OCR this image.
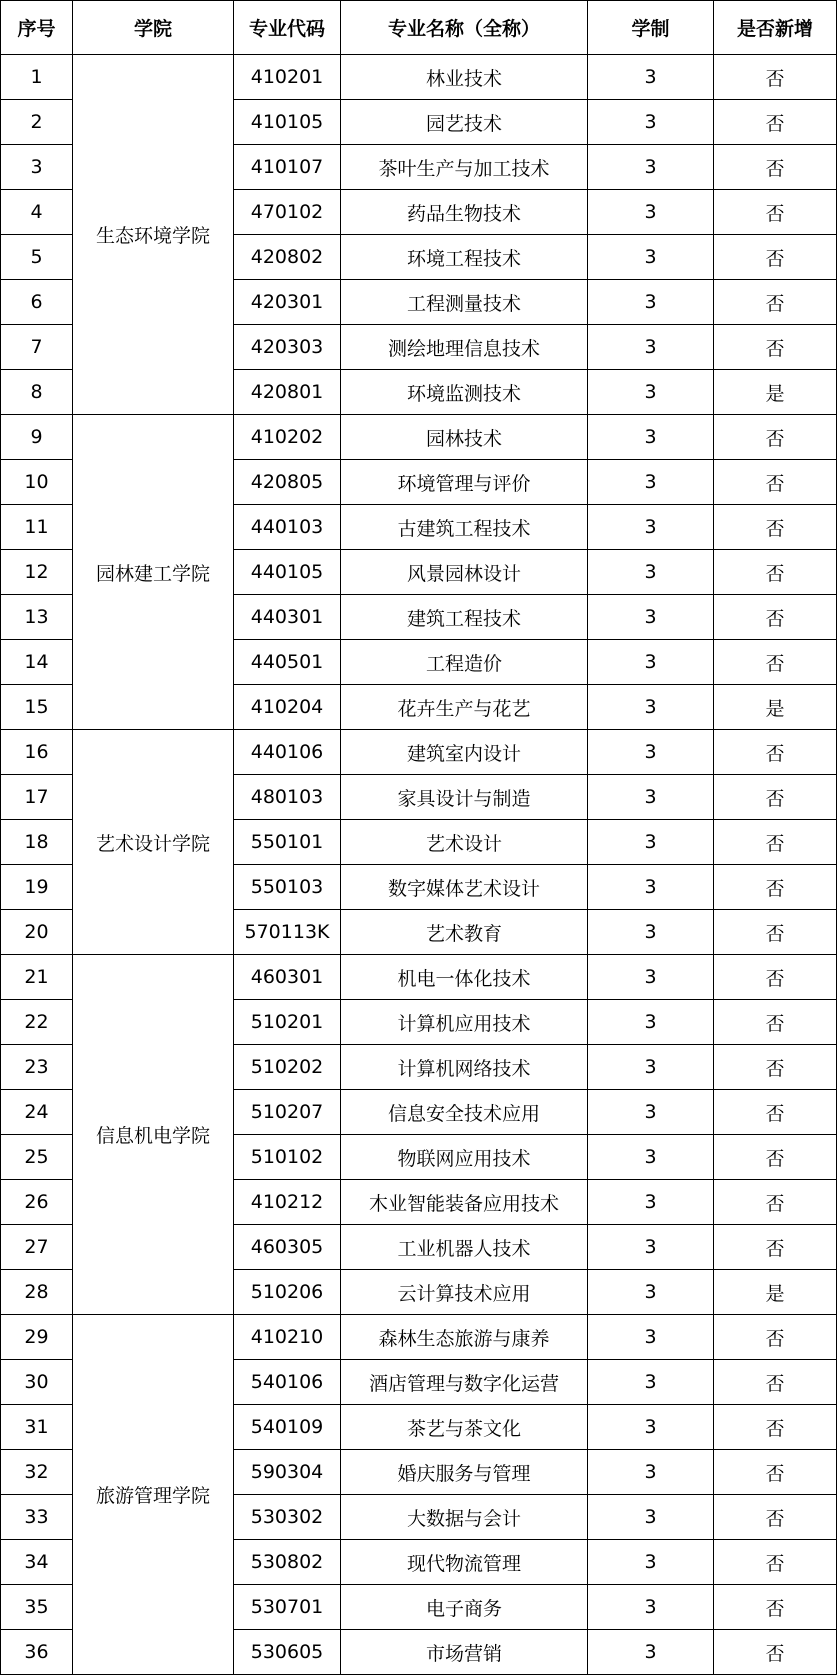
序号	学院	专业代码	专业名称（全称）	学制	是否新增
1	生态环境学院	410201	林业技术	3	否
2		410105	园艺技术	3	否
3		410107	茶叶生产与加工技术	3	否
4		470102	药品生物技术	3	否
5		420802	环境工程技术	3	否
6		420301	工程测量技术	3	否
7		420303	测绘地理信息技术	3	否
8		420801	环境监测技术	3	是
9	园林建工学院	410202	园林技术	3	否
10		420805	环境管理与评价	3	否
11		440103	古建筑工程技术	3	否
12		440105	风景园林设计	3	否
13		440301	建筑工程技术	3	否
14		440501	工程造价	3	否
15		410204	花卉生产与花艺	3	是
16	艺术设计学院	440106	建筑室内设计	3	否
17		480103	家具设计与制造	3	否
18		550101	艺术设计	3	否
19		550103	数字媒体艺术设计	3	否
20		570113K	艺术教育	3	否
21	信息机电学院	460301	机电一体化技术	3	否
22		510201	计算机应用技术	3	否
23		510202	计算机网络技术	3	否
24		510207	信息安全技术应用	3	否
25		510102	物联网应用技术	3	否
26		410212	木业智能装备应用技术	3	否
27		460305	工业机器人技术	3	否
28		510206	云计算技术应用	3	是
29	旅游管理学院	410210	森林生态旅游与康养	3	否
30		540106	酒店管理与数字化运营	3	否
31		540109	茶艺与茶文化	3	否
32		590304	婚庆服务与管理	3	否
33		530302	大数据与会计	3	否
34		530802	现代物流管理	3	否
35		530701	电子商务	3	否
36		530605	市场营销	3	否
